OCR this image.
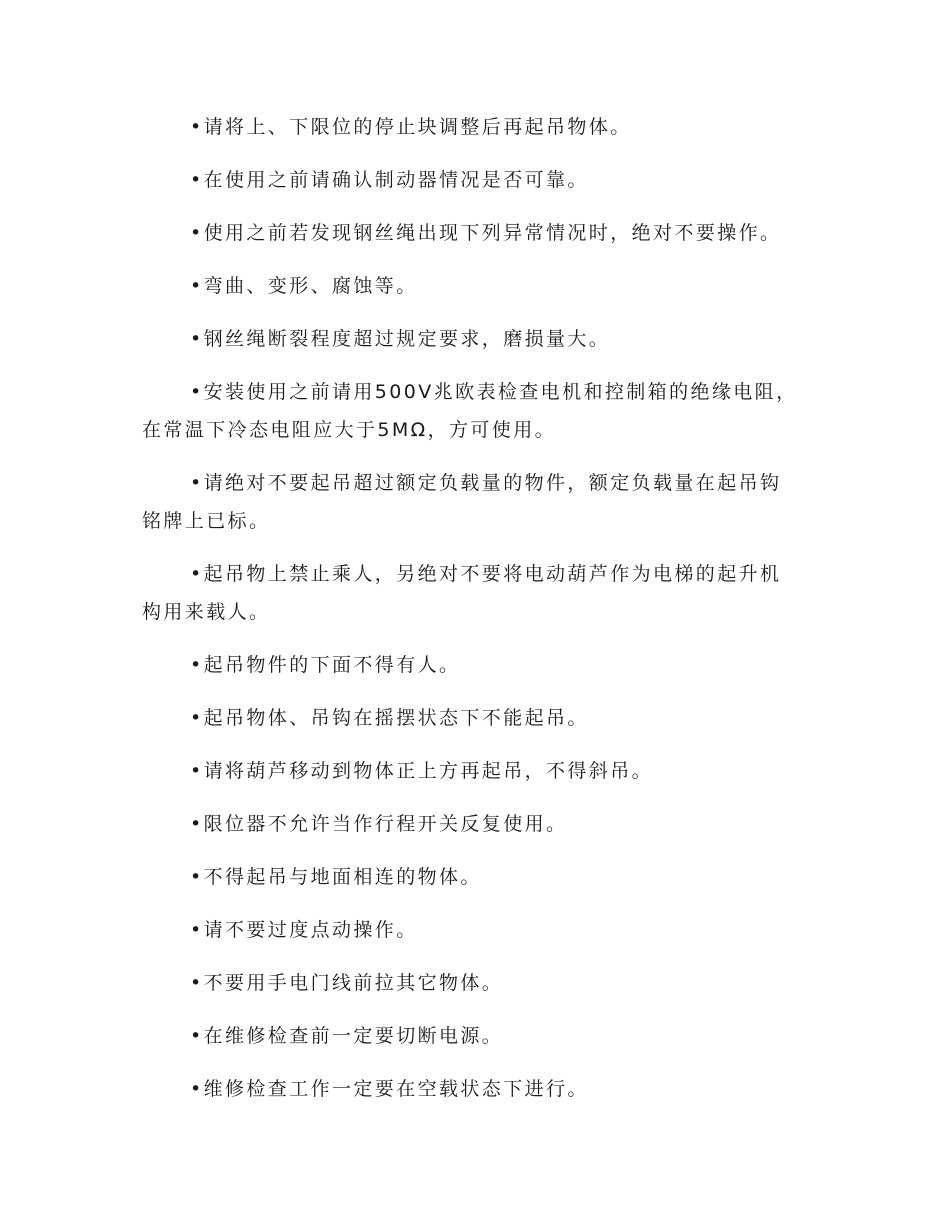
•请将上、下限位的停止块调整后再起吊物体。

•在使用之前请确认制动器情况是否可靠。

•使用之前若发现钢丝绳出现下列异常情况时，绝对不要操作。

•弯曲、变形、腐蚀等。

•钢丝绳断裂程度超过规定要求，磨损量大。

•安装使用之前请用500V兆欧表检查电机和控制箱的绝缘电阻，在常温下冷态电阻应大于5MΩ，方可使用。

•请绝对不要起吊超过额定负载量的物件，额定负载量在起吊钩铭牌上已标。

•起吊物上禁止乘人，另绝对不要将电动葫芦作为电梯的起升机构用来载人。

•起吊物件的下面不得有人。

•起吊物体、吊钩在摇摆状态下不能起吊。

•请将葫芦移动到物体正上方再起吊，不得斜吊。

•限位器不允许当作行程开关反复使用。

•不得起吊与地面相连的物体。

•请不要过度点动操作。

•不要用手电门线前拉其它物体。

•在维修检查前一定要切断电源。

•维修检查工作一定要在空载状态下进行。
